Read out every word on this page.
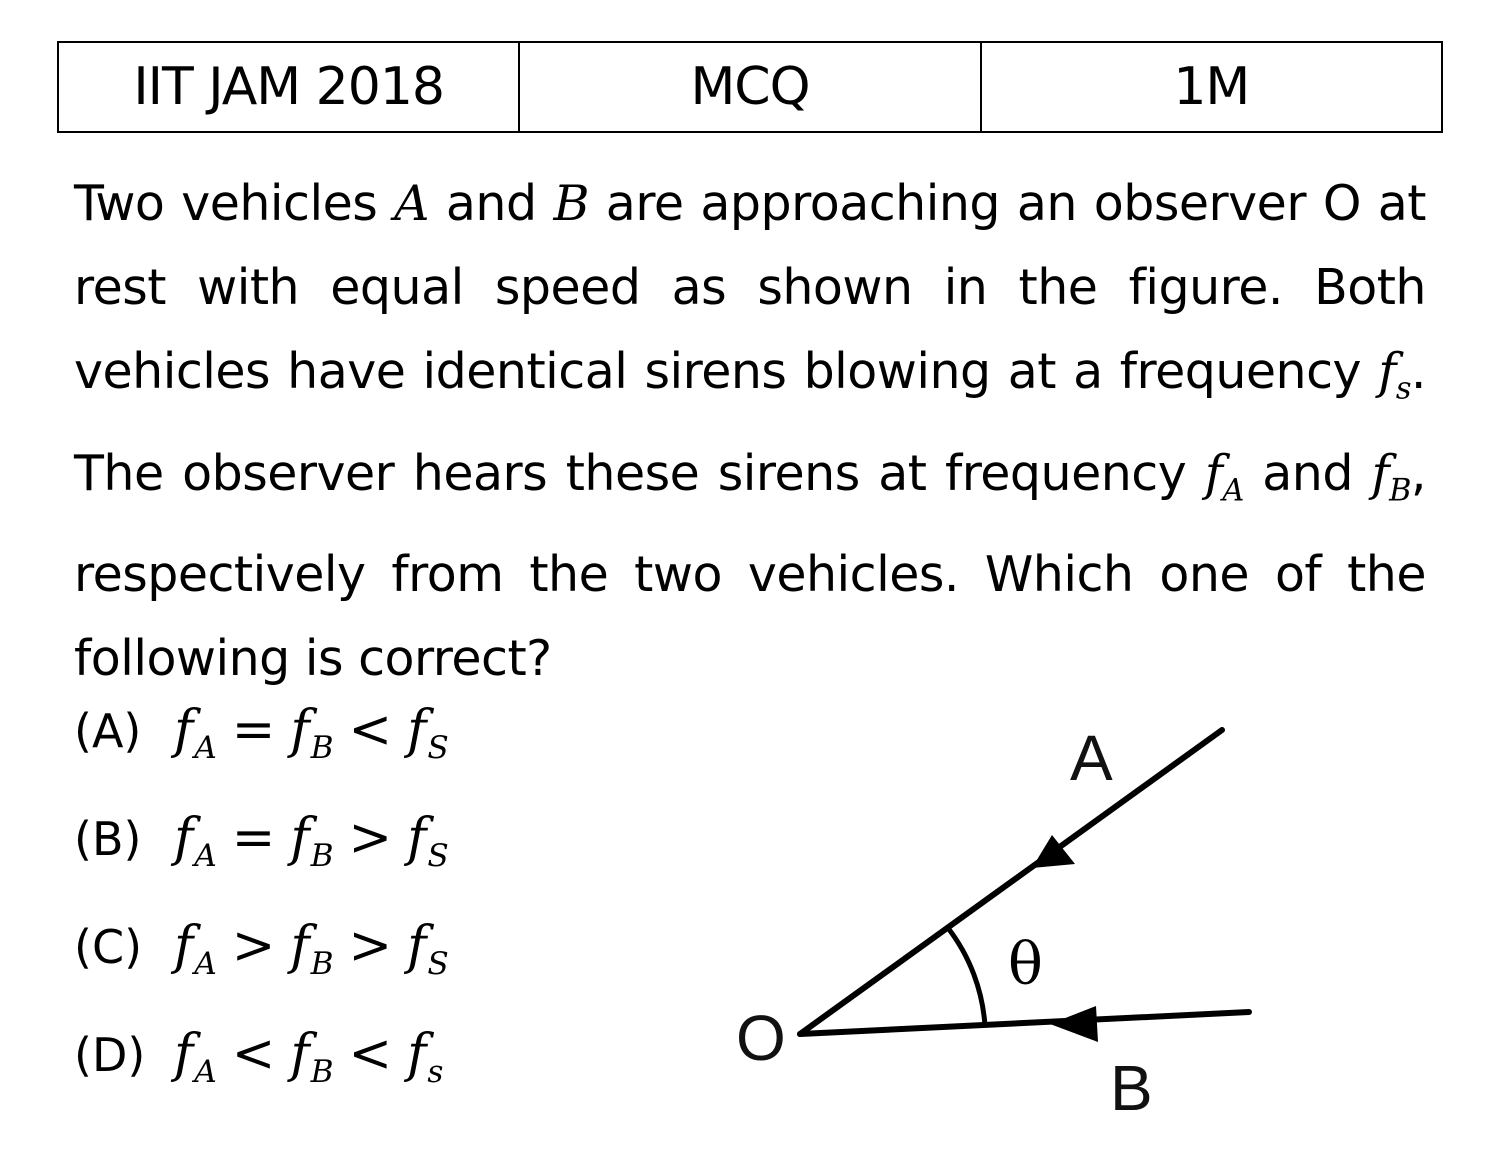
IIT JAM 2018	MCQ	1M
Two vehicles A and B are approaching an observer O at rest with equal speed as shown in the figure. Both vehicles have identical sirens blowing at a frequency $f_s$. The observer hears these sirens at frequency $f_A$ and $f_B$, respectively from the two vehicles. Which one of the following is correct?
(A) $f_A = f_B < f_S$
(B) $f_A = f_B > f_S$
(C) $f_A > f_B > f_S$
(D) $f_A < f_B < f_s$
A
B
O
θ
